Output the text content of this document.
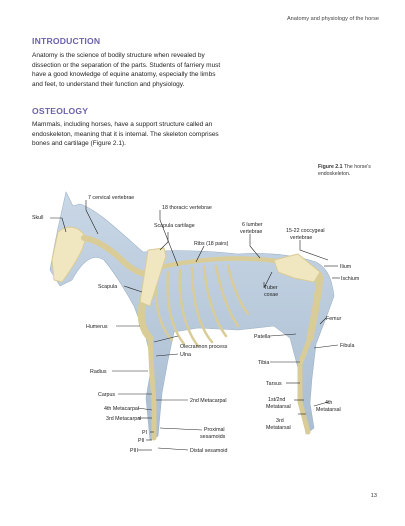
Anatomy and physiology of the horse
INTRODUCTION
Anatomy is the science of bodily structure when revealed by dissection or the separation of the parts. Students of farriery must have a good knowledge of equine anatomy, especially the limbs and feet, to understand their function and physiology.
OSTEOLOGY
Mammals, including horses, have a support structure called an endoskeleton, meaning that it is internal. The skeleton comprises bones and cartilage (Figure 2.1).
Figure 2.1 The horse's endoskeleton.
7 cervical vertebrae
18 thoracic vertebrae
Skull
Scapula cartilage	6 lumber
vertebrae	15-22 coccygeal
vertebrae
Ribs (18 pairs)
Ilium
Ischium
Scapula	Tuber
coxae
Femur
Humerus
Patella
Fibula
Olecrannon process
Ulna
Tibia
Radius
Tarsus
Carpus
2nd Metacarpal	1st/2nd
Metatarsal
4th
Metatarsal
4th Metacarpal
3rd Metacarpal	3rd
Metatarsal
PI	Proximal
sesamoids
PII
PIII	Distal sesamoid
13
